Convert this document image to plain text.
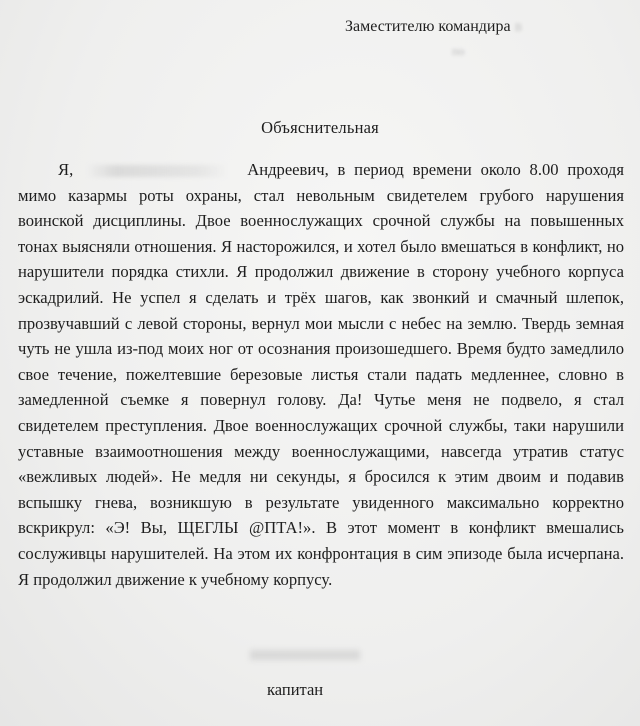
Заместителю командира в
по
Объяснительная

Я,	Андреевич, в период времени около 8.00 проходя мимо казармы роты охраны, стал невольным свидетелем грубого нарушения воинской дисциплины. Двое военнослужащих срочной службы на повышенных тонах выясняли отношения. Я насторожился, и хотел было вмешаться в конфликт, но нарушители порядка стихли. Я продолжил движение в сторону учебного корпуса эскадрилий. Не успел я сделать и трёх шагов, как звонкий и смачный шлепок, прозвучавший с левой стороны, вернул мои мысли с небес на землю. Твердь земная чуть не ушла из-под моих ног от осознания произошедшего. Время будто замедлило свое течение, пожелтевшие березовые листья стали падать медленнее, словно в замедленной съемке я повернул голову. Да! Чутье меня не подвело, я стал свидетелем преступления. Двое военнослужащих срочной службы, таки нарушили уставные взаимоотношения между военнослужащими, навсегда утратив статус «вежливых людей». Не медля ни секунды, я бросился к этим двоим и подавив вспышку гнева, возникшую в результате увиденного максимально корректно вскрикрул: «Э! Вы, ЩЕГЛЫ @ПТА!». В этот момент в конфликт вмешались сослуживцы нарушителей. На этом их конфронтация в сим эпизоде была исчерпана. Я продолжил движение к учебному корпусу.

капитан
